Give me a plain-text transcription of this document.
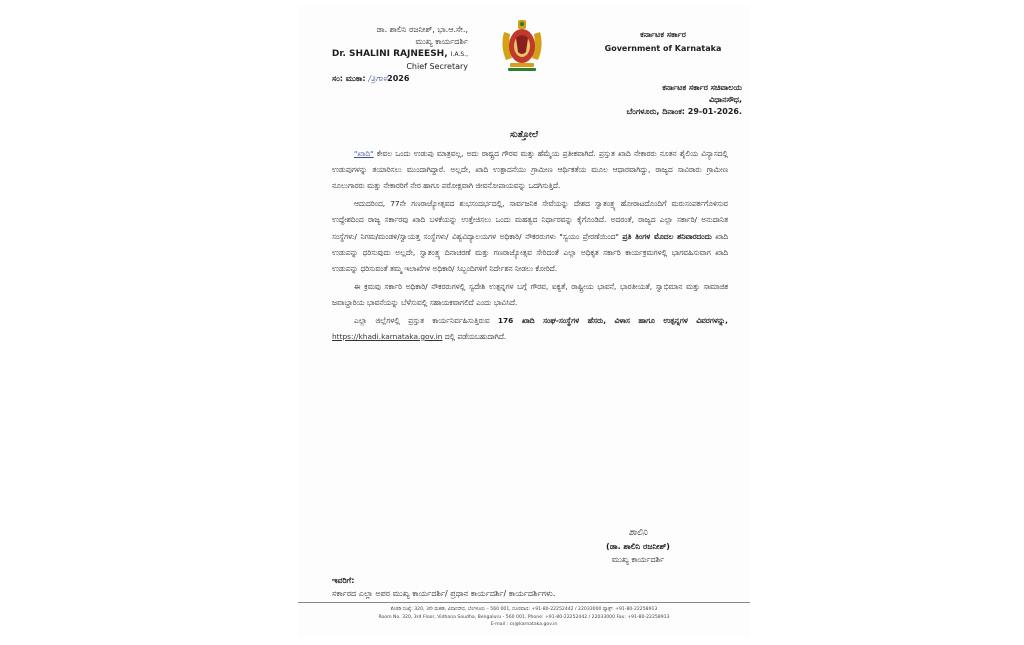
ಡಾ. ಶಾಲಿನಿ ರಜನೀಶ್, ಭಾ.ಆ.ಸೇ.,
ಮುಖ್ಯ ಕಾರ್ಯದರ್ಶಿ
Dr. SHALINI RAJNEESH, I.A.S.,
Chief Secretary
ಸಂ: ಮುಕಾ: /ತ್ರಿಗಾಳ2026
ಕರ್ನಾಟಕ ಸರ್ಕಾರ
Government of Karnataka
ಕರ್ನಾಟಕ ಸರ್ಕಾರ ಸಚಿವಾಲಯ
ವಿಧಾನಸೌಧ,
ಬೆಂಗಳೂರು, ದಿನಾಂಕ: 29-01-2026.
ಸುತ್ತೋಲೆ

"ಖಾದಿ" ಕೇವಲ ಒಂದು ಉಡುಪು ಮಾತ್ರವಲ್ಲ, ಅದು ರಾಷ್ಟ್ರದ ಗೌರವ ಮತ್ತು ಹೆಮ್ಮೆಯ ಪ್ರತೀಕವಾಗಿದೆ. ಪ್ರಸ್ತುತ ಖಾದಿ ನೇಕಾರರು ನೂತನ ಶೈಲಿಯ ವಿನ್ಯಾಸದಲ್ಲಿ ಉಡುಪುಗಳನ್ನು ತಯಾರಿಸಲು ಮುಂದಾಗಿದ್ದಾರೆ. ಅಲ್ಲದೇ, ಖಾದಿ ಉತ್ಪಾದನೆಯು ಗ್ರಾಮೀಣ ಆರ್ಥಿಕತೆಯ ಮೂಲ ಆಧಾರವಾಗಿದ್ದು, ರಾಜ್ಯದ ಸಾವಿರಾರು ಗ್ರಾಮೀಣ ನೂಲುಗಾರರು ಮತ್ತು ನೇಕಾರರಿಗೆ ನೇರ ಹಾಗೂ ಪರೋಕ್ಷವಾಗಿ ಜೀವನೋಪಾಯವನ್ನು ಒದಗಿಸುತ್ತಿದೆ.

ಆದುದರಿಂದ, 77ನೇ ಗಣರಾಜ್ಯೋತ್ಸವದ ಶುಭಸಂದರ್ಭದಲ್ಲಿ, ಸಾರ್ವಜನಿಕ ಸೇವೆಯನ್ನು ದೇಶದ ಸ್ವಾತಂತ್ರ್ಯ ಹೋರಾಟದೊಂದಿಗೆ ಮರುಸಂಪರ್ಕಗೊಳಿಸುವ ಉದ್ದೇಶದಿಂದ ರಾಜ್ಯ ಸರ್ಕಾರವು ಖಾದಿ ಬಳಕೆಯನ್ನು ಉತ್ತೇಜಿಸಲು ಒಂದು ಮಹತ್ವದ ನಿರ್ಧಾರವನ್ನು ಕೈಗೊಂಡಿದೆ. ಅದರಂತೆ, ರಾಜ್ಯದ ಎಲ್ಲಾ ಸರ್ಕಾರಿ/ ಅನುದಾನಿತ ಸಂಸ್ಥೆಗಳು/ ನಿಗಮ/ಮಂಡಳಿ/ಸ್ವಾಯತ್ತ ಸಂಸ್ಥೆಗಳು/ ವಿಶ್ವವಿದ್ಯಾಲಯಗಳ ಅಧಿಕಾರಿ/ ನೌಕರರುಗಳು "ಸ್ವಯಂ ಪ್ರೇರಣೆಯಿಂದ" ಪ್ರತಿ ತಿಂಗಳ ಮೊದಲ ಶನಿವಾರದಂದು ಖಾದಿ ಉಡುಪನ್ನು ಧರಿಸುವುದು ಅಲ್ಲದೇ, ಸ್ವಾತಂತ್ರ್ಯ ದಿನಾಚರಣೆ ಮತ್ತು ಗಣರಾಜ್ಯೋತ್ಸವ ಸೇರಿದಂತೆ ಎಲ್ಲಾ ಅಧಿಕೃತ ಸರ್ಕಾರಿ ಕಾರ್ಯಕ್ರಮಗಳಲ್ಲಿ ಭಾಗವಹಿಸುವಾಗ ಖಾದಿ ಉಡುಪನ್ನು ಧರಿಸುವಂತೆ ತಮ್ಮ ಇಲಾಖೆಗಳ ಅಧಿಕಾರಿ/ ಸಿಬ್ಬಂದಿಗಳಿಗೆ ನಿರ್ದೇಶನ ನೀಡಲು ಕೋರಿದೆ.

ಈ ಕ್ರಮವು ಸರ್ಕಾರಿ ಅಧಿಕಾರಿ/ ನೌಕರರುಗಳಲ್ಲಿ ಸ್ವದೇಶಿ ಉತ್ಪನ್ನಗಳ ಬಗ್ಗೆ ಗೌರವ, ಐಕ್ಯತೆ, ರಾಷ್ಟ್ರೀಯ ಭಾವನೆ, ಭಾರತೀಯತೆ, ಸ್ವಾಭಿಮಾನ ಮತ್ತು ಸಾಮಾಜಿಕ ಜವಾಬ್ದಾರಿಯ ಭಾವನೆಯನ್ನು ಬೆಳೆಸುವಲ್ಲಿ ಸಹಾಯಕವಾಗಲಿದೆ ಎಂದು ಭಾವಿಸಿದೆ.

ಎಲ್ಲಾ ಜಿಲ್ಲೆಗಳಲ್ಲಿ ಪ್ರಸ್ತುತ ಕಾರ್ಯನಿರ್ವಹಿಸುತ್ತಿರುವ 176 ಖಾದಿ ಸಂಘ-ಸಂಸ್ಥೆಗಳ ಹೆಸರು, ವಿಳಾಸ ಹಾಗೂ ಉತ್ಪನ್ನಗಳ ವಿವರಗಳನ್ನು, https://khadi.karnataka.gov.in ದಲ್ಲಿ ಪಡೆಯಬಹುದಾಗಿದೆ.

ಶಾಲಿನಿ
(ಡಾ. ಶಾಲಿನಿ ರಜನೀಶ್)
ಮುಖ್ಯ ಕಾರ್ಯದರ್ಶಿ
ಇವರಿಗೆ:
ಸರ್ಕಾರದ ಎಲ್ಲಾ ಅಪರ ಮುಖ್ಯ ಕಾರ್ಯದರ್ಶಿ/ ಪ್ರಧಾನ ಕಾರ್ಯದರ್ಶಿ/ ಕಾರ್ಯದರ್ಶಿಗಳು.
ಕೊಠಡಿ ಸಂಖ್ಯೆ: 320, 3ನೇ ಮಹಡಿ, ವಿಧಾನಸೌಧ, ಬೆಂಗಳೂರು – 560 001, ದೂರವಾಣಿ: +91-80-22252442 / 22033000 ಫ್ಯಾಕ್ಸ್: +91-80-22258913
Room No. 320, 3rd Floor, Vidhana Soudha, Bengaluru - 560 001, Phone: +91-80-22252442 / 22033000 Fax: +91-80-22258913
E-mail : cs@karnataka.gov.in
